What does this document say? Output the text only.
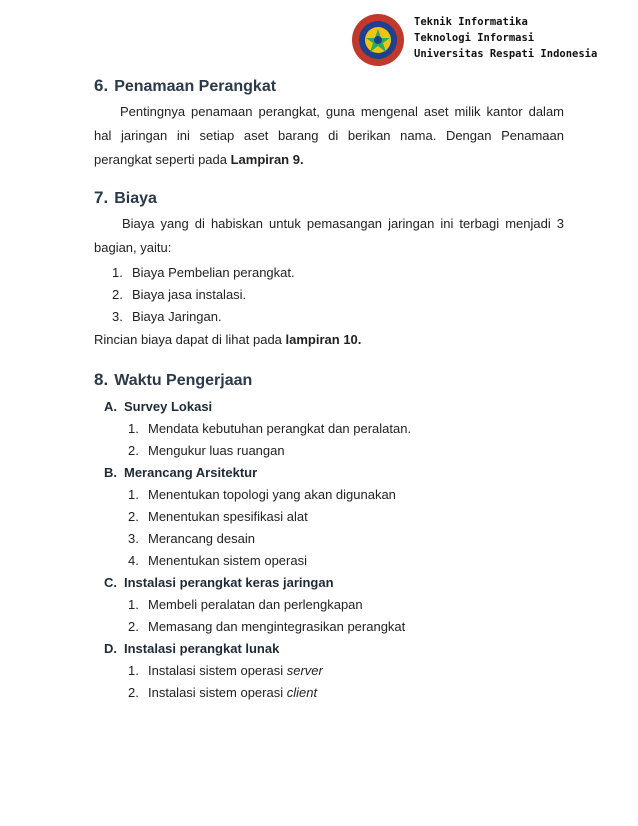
Teknik Informatika
Teknologi Informasi
Universitas Respati Indonesia
6. Penamaan Perangkat

Pentingnya penamaan perangkat, guna mengenal aset milik kantor dalam hal jaringan ini setiap aset barang di berikan nama. Dengan Penamaan perangkat seperti pada Lampiran 9.

7. Biaya

Biaya yang di habiskan untuk pemasangan jaringan ini terbagi menjadi 3 bagian, yaitu:

1. Biaya Pembelian perangkat.
2. Biaya jasa instalasi.
3. Biaya Jaringan.

Rincian biaya dapat di lihat pada lampiran 10.

8. Waktu Pengerjaan
A. Survey Lokasi
1. Mendata kebutuhan perangkat dan peralatan.
2. Mengukur luas ruangan
B. Merancang Arsitektur
1. Menentukan topologi yang akan digunakan
2. Menentukan spesifikasi alat
3. Merancang desain
4. Menentukan sistem operasi
C. Instalasi perangkat keras jaringan
1. Membeli peralatan dan perlengkapan
2. Memasang dan mengintegrasikan perangkat
D. Instalasi perangkat lunak
1. Instalasi sistem operasi server
2. Instalasi sistem operasi client
